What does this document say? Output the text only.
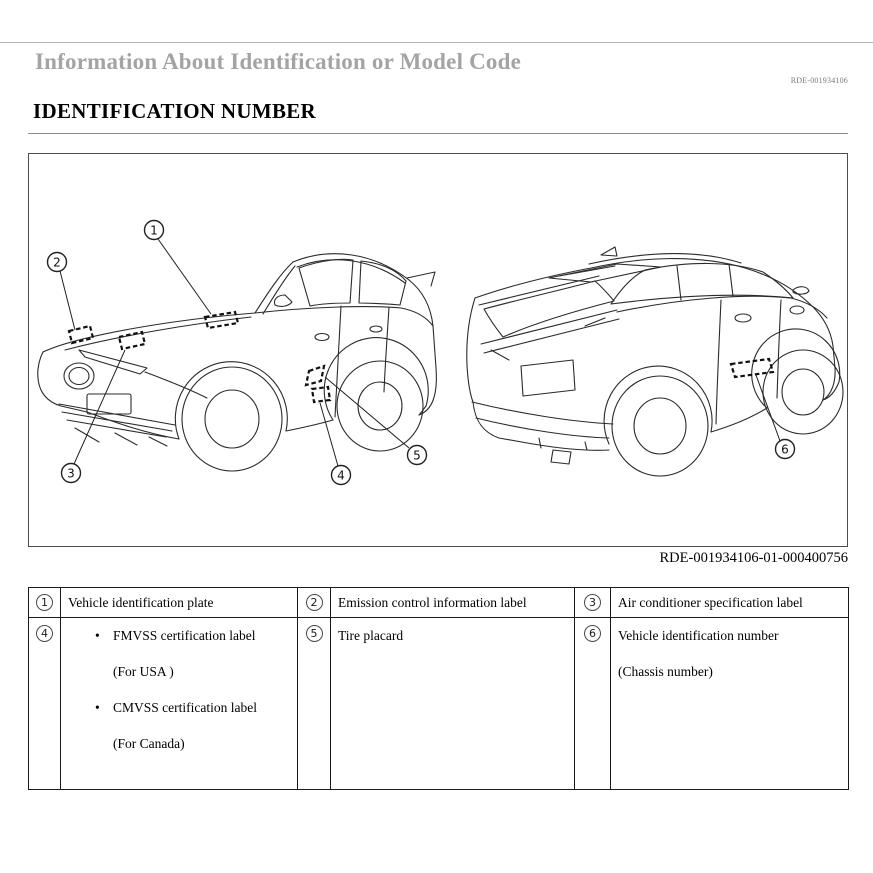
Information About Identification or Model Code
RDE-001934106
IDENTIFICATION NUMBER
1
2
3	4
5	6
RDE-001934106-01-000400756
1	Vehicle identification plate	2	Emission control information label	3	Air conditioner specification label
4	• FMVSS certification label
(For USA )
• CMVSS certification label
(For Canada)
	5	Tire placard	6	Vehicle identification number
(Chassis number)
